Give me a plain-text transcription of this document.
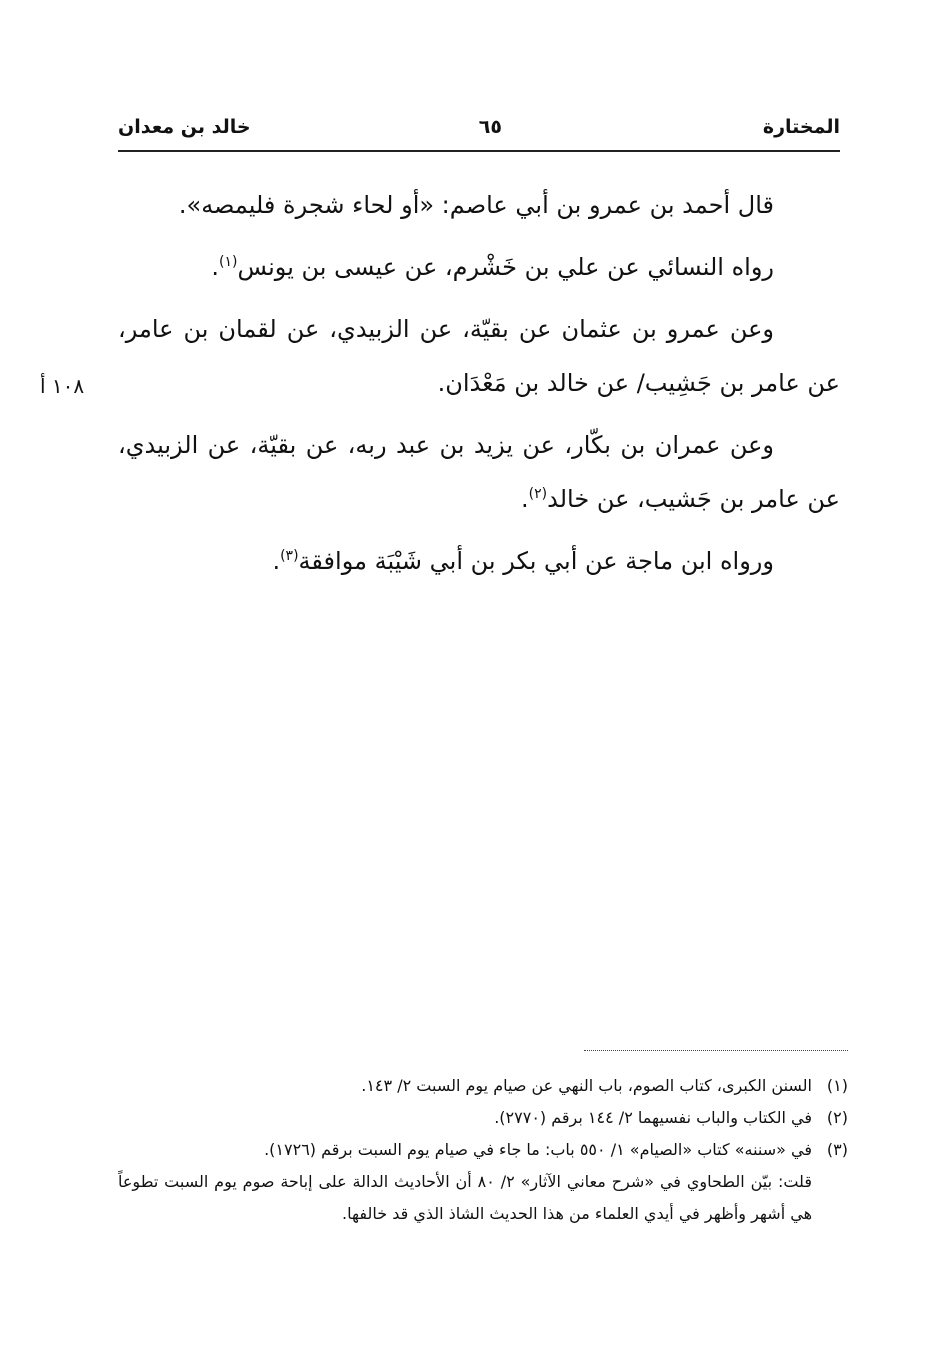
المختارة
٦٥
خالد بن معدان
١٠٨ أ

قال أحمد بن عمرو بن أبي عاصم: «أو لحاء شجرة فليمصه».

رواه النسائي عن علي بن خَشْرم، عن عيسى بن يونس$^{(١)}$.

وعن عمرو بن عثمان عن بقيّة، عن الزبيدي، عن لقمان بن عامر، عن عامر بن جَشِيب/ عن خالد بن مَعْدَان.

وعن عمران بن بكّار، عن يزيد بن عبد ربه، عن بقيّة، عن الزبيدي، عن عامر بن جَشيب، عن خالد$^{(٢)}$.

ورواه ابن ماجة عن أبي بكر بن أبي شَيْبَة موافقة$^{(٣)}$.

(١)
السنن الكبرى، كتاب الصوم، باب النهي عن صيام يوم السبت ٢/ ١٤٣.
(٢)
في الكتاب والباب نفسيهما ٢/ ١٤٤ برقم (٢٧٧٠).
(٣)
في «سننه» كتاب «الصيام» ١/ ٥٥٠ باب: ما جاء في صيام يوم السبت برقم (١٧٢٦).
قلت: بيّن الطحاوي في «شرح معاني الآثار» ٢/ ٨٠ أن الأحاديث الدالة على إباحة صوم يوم السبت تطوعاً هي أشهر وأظهر في أيدي العلماء من هذا الحديث الشاذ الذي قد خالفها.
